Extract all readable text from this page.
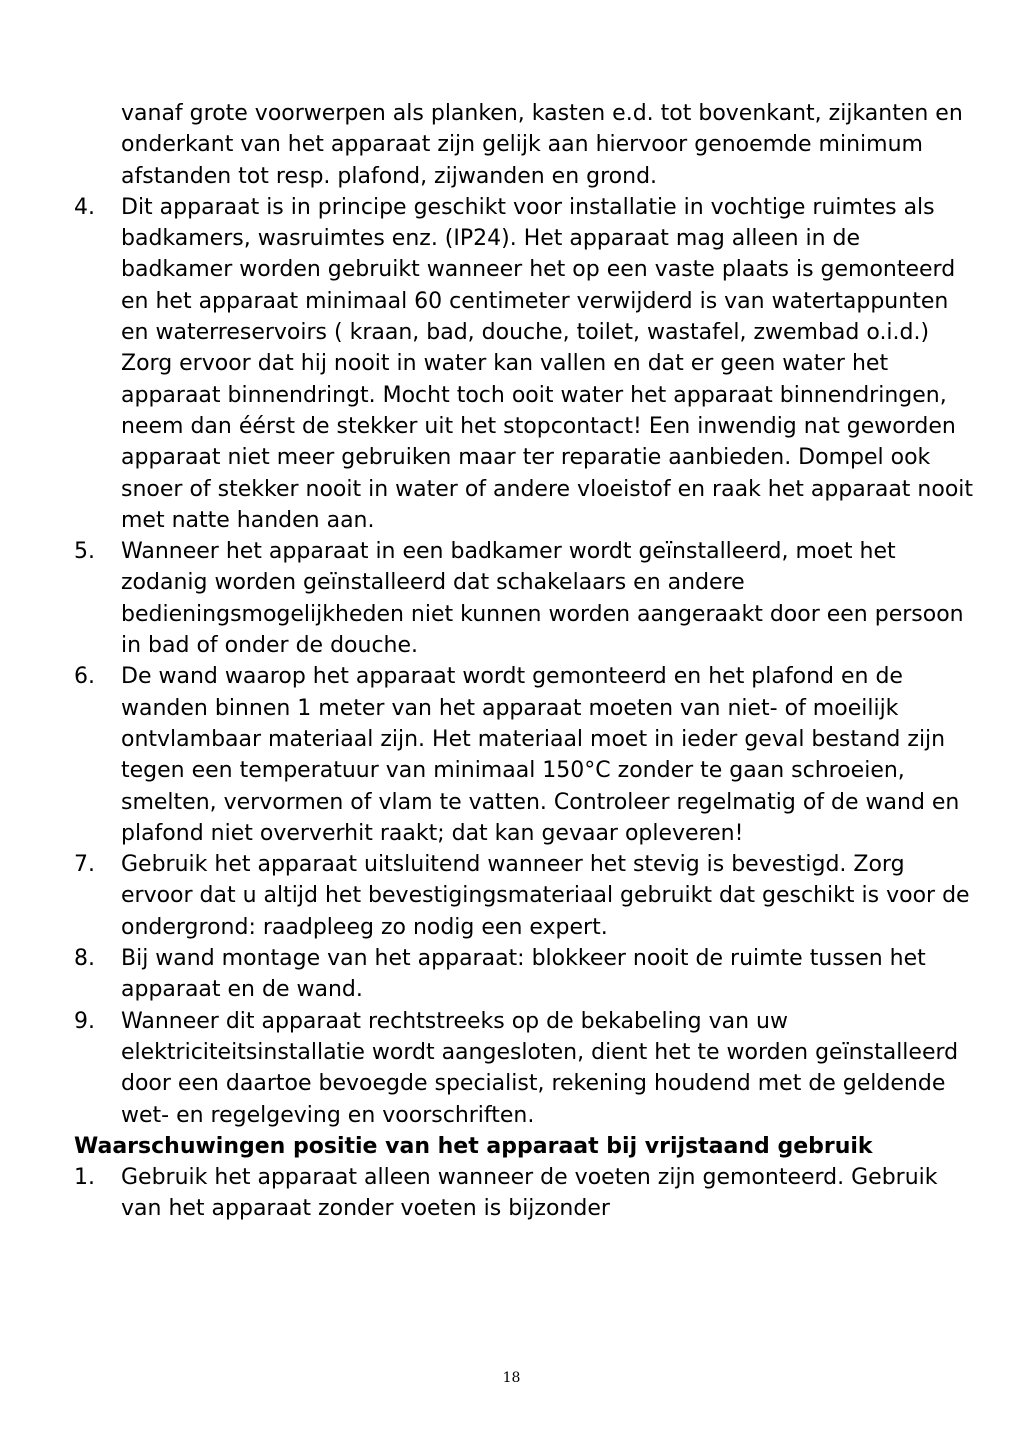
vanaf grote voorwerpen als planken, kasten e.d. tot bovenkant, zijkanten en onderkant van het apparaat zijn gelijk aan hiervoor genoemde minimum afstanden tot resp. plafond, zijwanden en grond.
4. Dit apparaat is in principe geschikt voor installatie in vochtige ruimtes als badkamers, wasruimtes enz. (IP24). Het apparaat mag alleen in de badkamer worden gebruikt wanneer het op een vaste plaats is gemonteerd en het apparaat minimaal 60 centimeter verwijderd is van watertappunten en waterreservoirs ( kraan, bad, douche, toilet, wastafel, zwembad o.i.d.) Zorg ervoor dat hij nooit in water kan vallen en dat er geen water het apparaat binnendringt. Mocht toch ooit water het apparaat binnendringen, neem dan éérst de stekker uit het stopcontact! Een inwendig nat geworden apparaat niet meer gebruiken maar ter reparatie aanbieden. Dompel ook snoer of stekker nooit in water of andere vloeistof en raak het apparaat nooit met natte handen aan.
5. Wanneer het apparaat in een badkamer wordt geïnstalleerd, moet het zodanig worden geïnstalleerd dat schakelaars en andere bedieningsmogelijkheden niet kunnen worden aangeraakt door een persoon in bad of onder de douche.
6. De wand waarop het apparaat wordt gemonteerd en het plafond en de wanden binnen 1 meter van het apparaat moeten van niet- of moeilijk ontvlambaar materiaal zijn. Het materiaal moet in ieder geval bestand zijn tegen een temperatuur van minimaal 150°C zonder te gaan schroeien, smelten, vervormen of vlam te vatten. Controleer regelmatig of de wand en plafond niet oververhit raakt; dat kan gevaar opleveren!
7. Gebruik het apparaat uitsluitend wanneer het stevig is bevestigd. Zorg ervoor dat u altijd het bevestigingsmateriaal gebruikt dat geschikt is voor de ondergrond: raadpleeg zo nodig een expert.
8. Bij wand montage van het apparaat: blokkeer nooit de ruimte tussen het apparaat en de wand.
9. Wanneer dit apparaat rechtstreeks op de bekabeling van uw elektriciteitsinstallatie wordt aangesloten, dient het te worden geïnstalleerd door een daartoe bevoegde specialist, rekening houdend met de geldende wet- en regelgeving en voorschriften.
Waarschuwingen positie van het apparaat bij vrijstaand gebruik
1. Gebruik het apparaat alleen wanneer de voeten zijn gemonteerd. Gebruik van het apparaat zonder voeten is bijzonder
18
